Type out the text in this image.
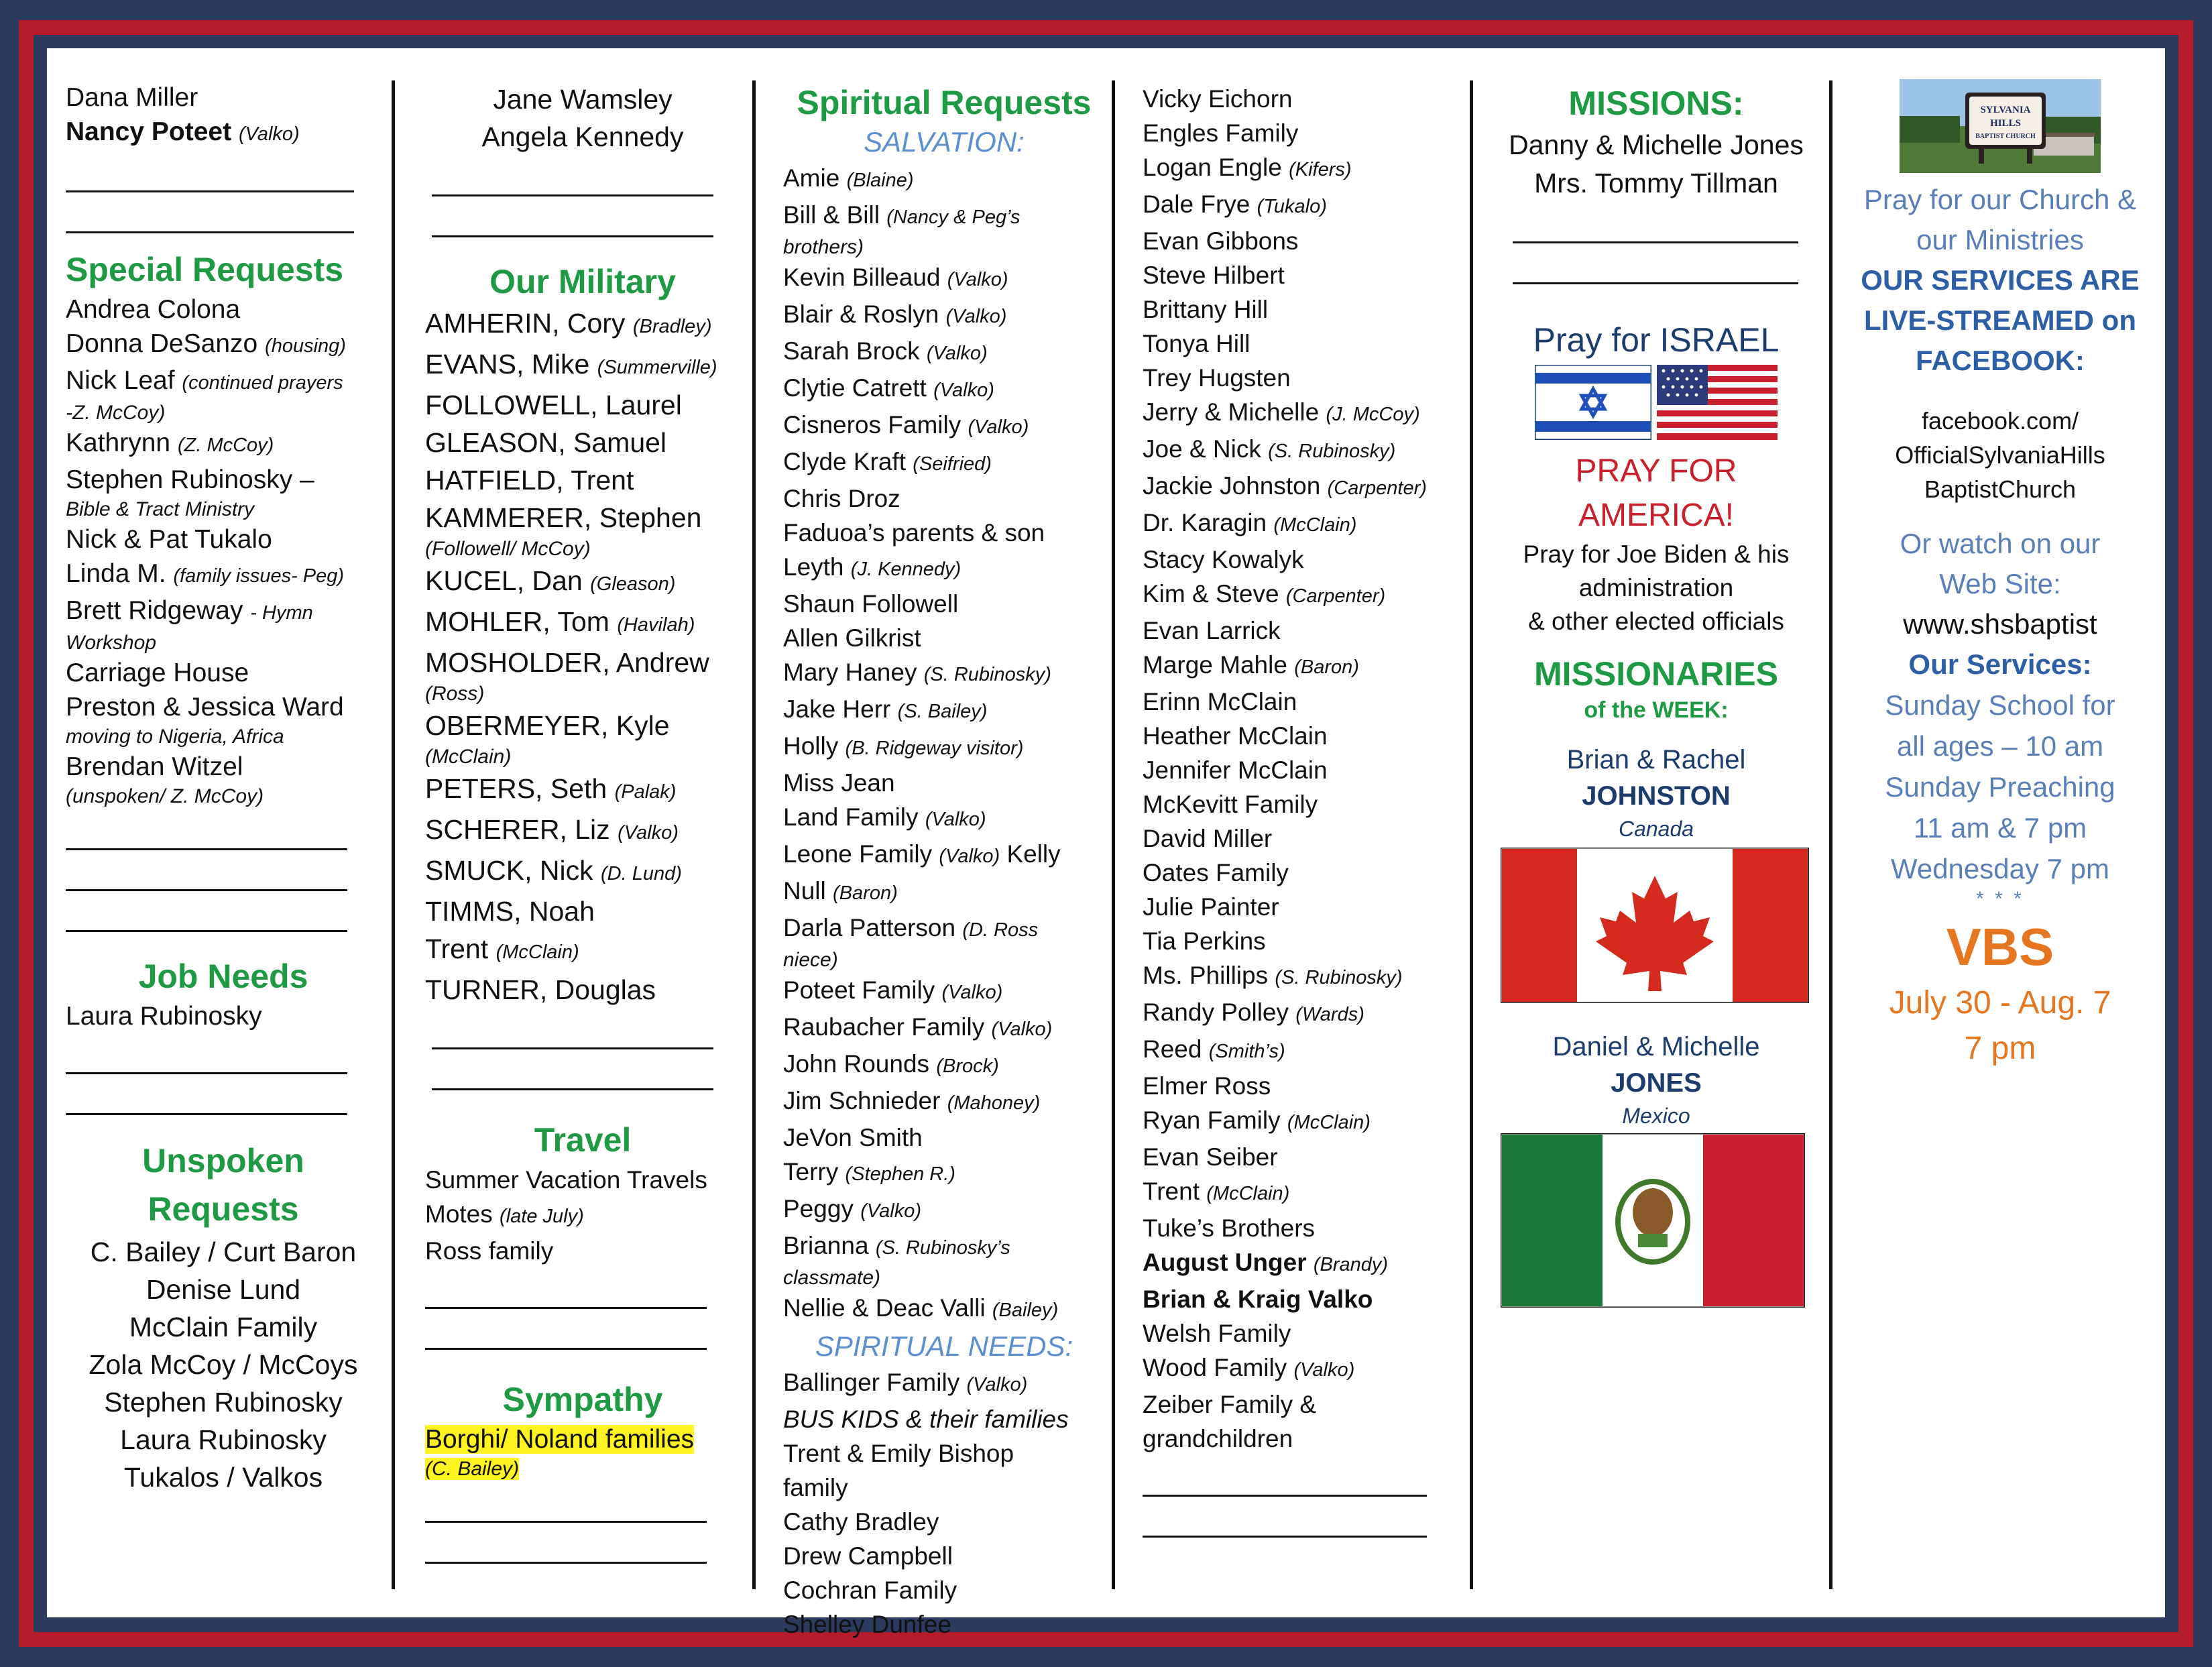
Dana Miller
Nancy Poteet (Valko)
Special Requests
Andrea Colona
Donna DeSanzo (housing)
Nick Leaf (continued prayers
-Z. McCoy)
Kathrynn (Z. McCoy)
Stephen Rubinosky –
Bible & Tract Ministry
Nick & Pat Tukalo
Linda M. (family issues- Peg)
Brett Ridgeway - Hymn
Workshop
Carriage House
Preston & Jessica Ward
moving to Nigeria, Africa
Brendan Witzel
(unspoken/ Z. McCoy)
Job Needs
Laura Rubinosky
Unspoken
Requests
C. Bailey / Curt Baron
Denise Lund
McClain Family
Zola McCoy / McCoys
Stephen Rubinosky
Laura Rubinosky
Tukalos / Valkos
Jane Wamsley
Angela Kennedy
Our Military
AMHERIN, Cory (Bradley)
EVANS, Mike (Summerville)
FOLLOWELL, Laurel
GLEASON, Samuel
HATFIELD, Trent
KAMMERER, Stephen
(Followell/ McCoy)
KUCEL, Dan (Gleason)
MOHLER, Tom (Havilah)
MOSHOLDER, Andrew
(Ross)
OBERMEYER, Kyle
(McClain)
PETERS, Seth (Palak)
SCHERER, Liz (Valko)
SMUCK, Nick (D. Lund)
TIMMS, Noah
Trent (McClain)
TURNER, Douglas
Travel
Summer Vacation Travels
Motes (late July)
Ross family
Sympathy
Borghi/ Noland families
(C. Bailey)
Spiritual Requests
SALVATION:
Amie (Blaine)
Bill & Bill (Nancy & Peg’s
brothers)
Kevin Billeaud (Valko)
Blair & Roslyn (Valko)
Sarah Brock (Valko)
Clytie Catrett (Valko)
Cisneros Family (Valko)
Clyde Kraft (Seifried)
Chris Droz
Faduoa’s parents & son
Leyth (J. Kennedy)
Shaun Followell
Allen Gilkrist
Mary Haney (S. Rubinosky)
Jake Herr (S. Bailey)
Holly (B. Ridgeway visitor)
Miss Jean
Land Family (Valko)
Leone Family (Valko) Kelly
Null (Baron)
Darla Patterson (D. Ross
niece)
Poteet Family (Valko)
Raubacher Family (Valko)
John Rounds (Brock)
Jim Schnieder (Mahoney)
JeVon Smith
Terry (Stephen R.)
Peggy (Valko)
Brianna (S. Rubinosky’s
classmate)
Nellie & Deac Valli (Bailey)
SPIRITUAL NEEDS:
Ballinger Family (Valko)
BUS KIDS & their families
Trent & Emily Bishop
family
Cathy Bradley
Drew Campbell
Cochran Family
Shelley Dunfee
Vicky Eichorn
Engles Family
Logan Engle (Kifers)
Dale Frye (Tukalo)
Evan Gibbons
Steve Hilbert
Brittany Hill
Tonya Hill
Trey Hugsten
Jerry & Michelle (J. McCoy)
Joe & Nick (S. Rubinosky)
Jackie Johnston (Carpenter)
Dr. Karagin (McClain)
Stacy Kowalyk
Kim & Steve (Carpenter)
Evan Larrick
Marge Mahle (Baron)
Erinn McClain
Heather McClain
Jennifer McClain
McKevitt Family
David Miller
Oates Family
Julie Painter
Tia Perkins
Ms. Phillips (S. Rubinosky)
Randy Polley (Wards)
Reed (Smith’s)
Elmer Ross
Ryan Family (McClain)
Evan Seiber
Trent (McClain)
Tuke’s Brothers
August Unger (Brandy)
Brian & Kraig Valko
Welsh Family
Wood Family (Valko)
Zeiber Family &
grandchildren
MISSIONS:
Danny & Michelle Jones
Mrs. Tommy Tillman
Pray for ISRAEL
PRAY FOR
AMERICA!
Pray for Joe Biden & his
administration
& other elected officials
MISSIONARIES
of the WEEK:
Brian & Rachel
JOHNSTON
Canada
Daniel & Michelle
JONES
Mexico
SYLVANIA
HILLS
BAPTIST CHURCH
Pray for our Church &
our Ministries
OUR SERVICES ARE
LIVE-STREAMED on
FACEBOOK:
facebook.com/
OfficialSylvaniaHills
BaptistChurch
Or watch on our
Web Site:
www.shsbaptist
Our Services:
Sunday School for
all ages – 10 am
Sunday Preaching
11 am & 7 pm
Wednesday 7 pm
* * *
VBS
July 30 - Aug. 7
7 pm
